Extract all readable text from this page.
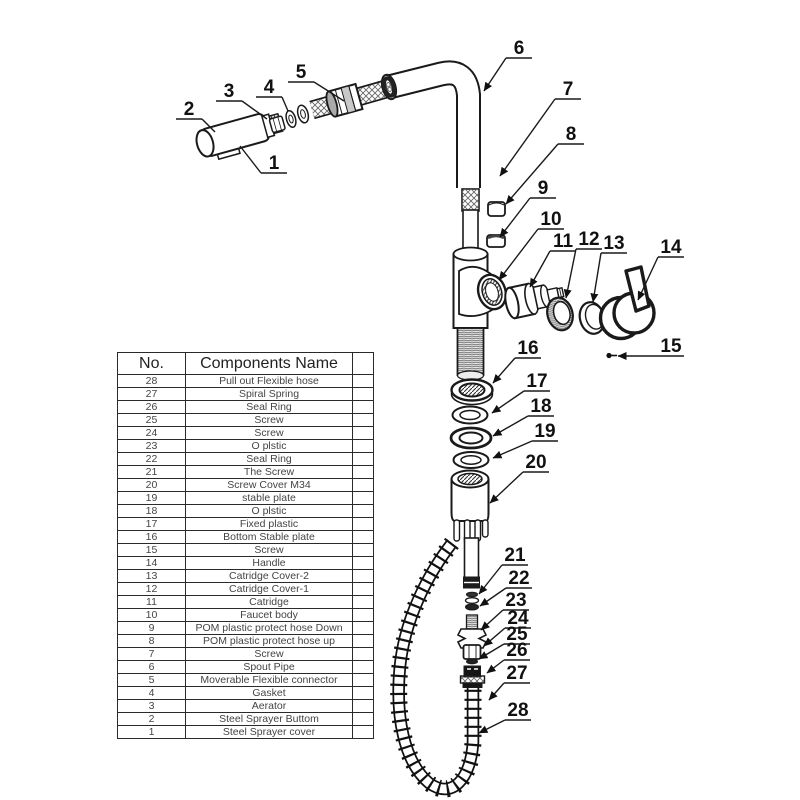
1
2
3 4
5
6
7
8
9
10
11 12 13 14
15
16
17
18
19
20
21
22
23
24
25
26
27
28
No.	Components Name	
28	Pull out Flexible hose	
27	Spiral Spring	
26	Seal Ring	
25	Screw	
24	Screw	
23	O plstic	
22	Seal Ring	
21	The Screw	
20	Screw Cover M34	
19	stable plate	
18	O plstic	
17	Fixed plastic	
16	Bottom Stable plate	
15	Screw	
14	Handle	
13	Catridge Cover-2	
12	Catridge Cover-1	
11	Catridge	
10	Faucet body	
9	POM plastic protect hose Down	
8	POM plastic protect hose up	
7	Screw	
6	Spout Pipe	
5	Moverable Flexible connector	
4	Gasket	
3	Aerator	
2	Steel Sprayer Buttom	
1	Steel Sprayer cover	
